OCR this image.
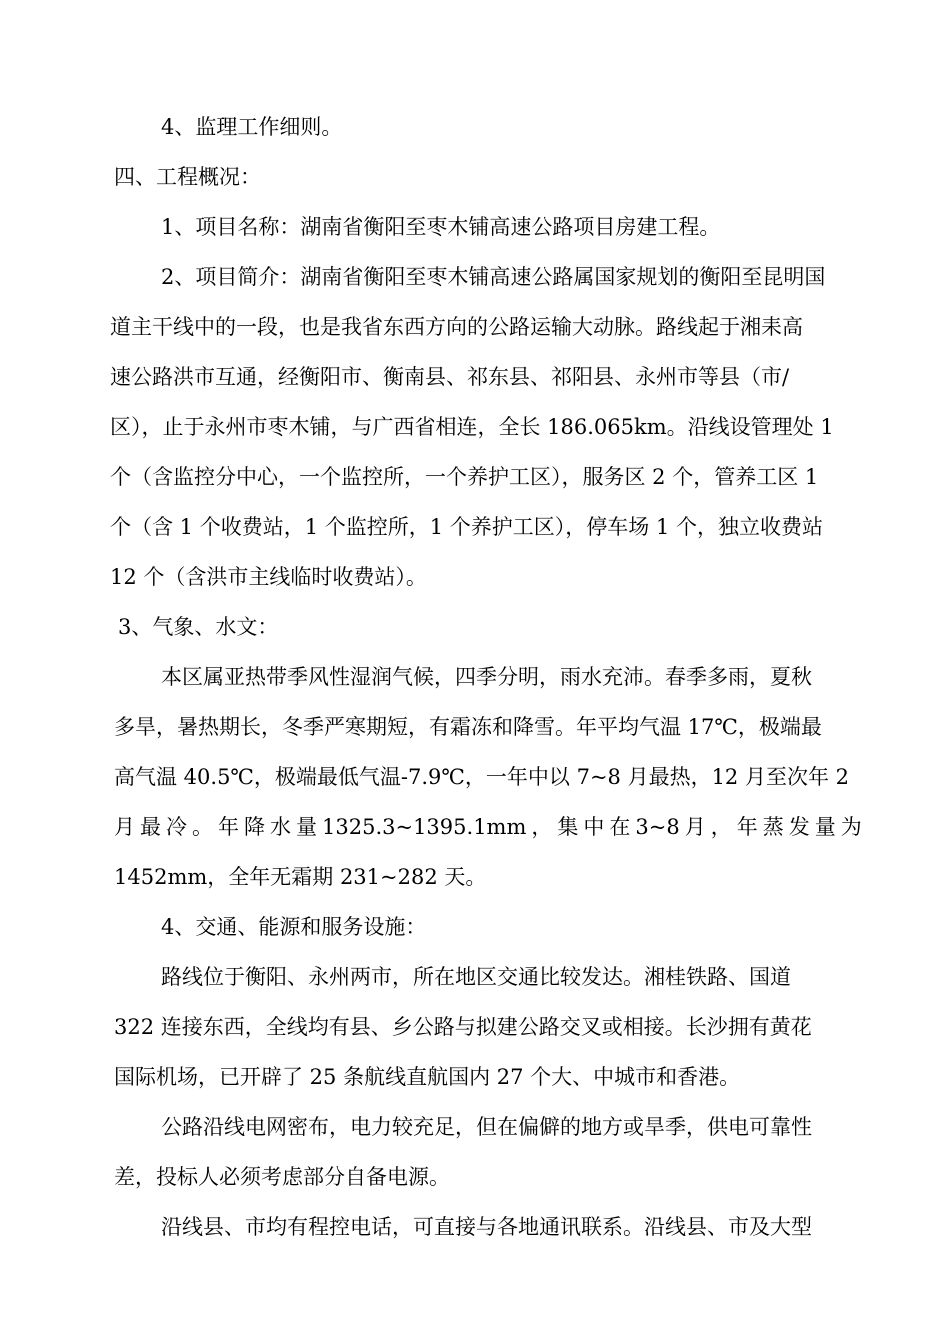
4、监理工作细则。
四、工程概况：
1、项目名称：湖南省衡阳至枣木铺高速公路项目房建工程。
2、项目简介：湖南省衡阳至枣木铺高速公路属国家规划的衡阳至昆明国
道主干线中的一段，也是我省东西方向的公路运输大动脉。路线起于湘耒高
速公路洪市互通，经衡阳市、衡南县、祁东县、祁阳县、永州市等县（市/
区），止于永州市枣木铺，与广西省相连，全长 186.065km。沿线设管理处 1
个（含监控分中心，一个监控所，一个养护工区），服务区 2 个，管养工区 1
个（含 1 个收费站，1 个监控所，1 个养护工区），停车场 1 个，独立收费站
12 个（含洪市主线临时收费站）。
3、气象、水文：
本区属亚热带季风性湿润气候，四季分明，雨水充沛。春季多雨，夏秋
多旱，暑热期长，冬季严寒期短，有霜冻和降雪。年平均气温 17℃，极端最
高气温 40.5℃，极端最低气温-7.9℃，一年中以 7~8 月最热，12 月至次年 2
月 最 冷 。 年 降 水 量 1325.3~1395.1mm ， 集 中 在 3~8 月 ， 年 蒸 发 量 为
1452mm，全年无霜期 231~282 天。
4、交通、能源和服务设施：
路线位于衡阳、永州两市，所在地区交通比较发达。湘桂铁路、国道
322 连接东西，全线均有县、乡公路与拟建公路交叉或相接。长沙拥有黄花
国际机场，已开辟了 25 条航线直航国内 27 个大、中城市和香港。
公路沿线电网密布，电力较充足，但在偏僻的地方或旱季，供电可靠性
差，投标人必须考虑部分自备电源。
沿线县、市均有程控电话，可直接与各地通讯联系。沿线县、市及大型
